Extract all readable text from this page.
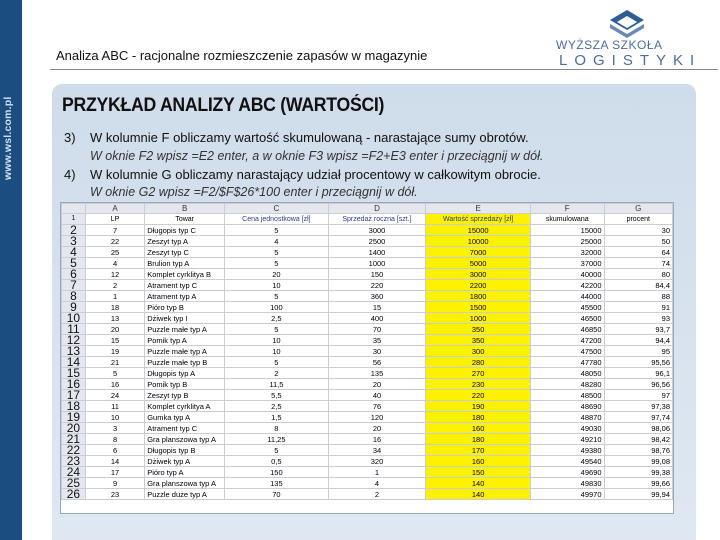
www.wsl.com.pl
Analiza ABC - racjonalne rozmieszczenie zapasów w magazynie
WYŻSZA SZKOŁA
LOGISTYKI
PRZYKŁAD ANALIZY ABC (WARTOŚCI)
3) W kolumnie F obliczamy wartość skumulowaną - narastające sumy obrotów.
W oknie F2 wpisz =E2 enter, a w oknie F3 wpisz =F2+E3 enter i przeciągnij w dół.
4) W kolumnie G obliczamy narastający udział procentowy w całkowitym obrocie.
W oknie G2 wpisz =F2/$F$26*100 enter i przeciągnij w dół.
	A	B	C	D	E	F	G
1	LP	Towar	Cena jednostkowa [zł]	Sprzedaż roczna [szt.]	Wartość sprzedaży [zł]	skumulowana	procent
2	7	Długopis typ C	5	3000	15000	15000	30
3	22	Zeszyt typ A	4	2500	10000	25000	50
4	25	Zeszyt typ C	5	1400	7000	32000	64
5	4	Brulion typ A	5	1000	5000	37000	74
6	12	Komplet cyrklitya B	20	150	3000	40000	80
7	2	Atrament typ C	10	220	2200	42200	84,4
8	1	Atrament typ A	5	360	1800	44000	88
9	18	Pióro typ B	100	15	1500	45500	91
10	13	Dżiwek typ I	2,5	400	1000	46500	93
11	20	Puzzle małe typ A	5	70	350	46850	93,7
12	15	Pomik typ A	10	35	350	47200	94,4
13	19	Puzzle małe typ A	10	30	300	47500	95
14	21	Puzzle małe typ B	5	56	280	47780	95,56
15	5	Długopis typ A	2	135	270	48050	96,1
16	16	Pomik typ B	11,5	20	230	48280	96,56
17	24	Zeszyt typ B	5,5	40	220	48500	97
18	11	Komplet cyrklitya A	2,5	76	190	48690	97,38
19	10	Gumka typ A	1,5	120	180	48870	97,74
20	3	Atrament typ C	8	20	160	49030	98,06
21	8	Gra planszowa typ A	11,25	16	180	49210	98,42
22	6	Długopis typ B	5	34	170	49380	98,76
23	14	Dżiwek typ A	0,5	320	160	49540	99,08
24	17	Pióro typ A	150	1	150	49690	99,38
25	9	Gra planszowa typ A	135	4	140	49830	99,66
26	23	Puzzle duże typ A	70	2	140	49970	99,94
